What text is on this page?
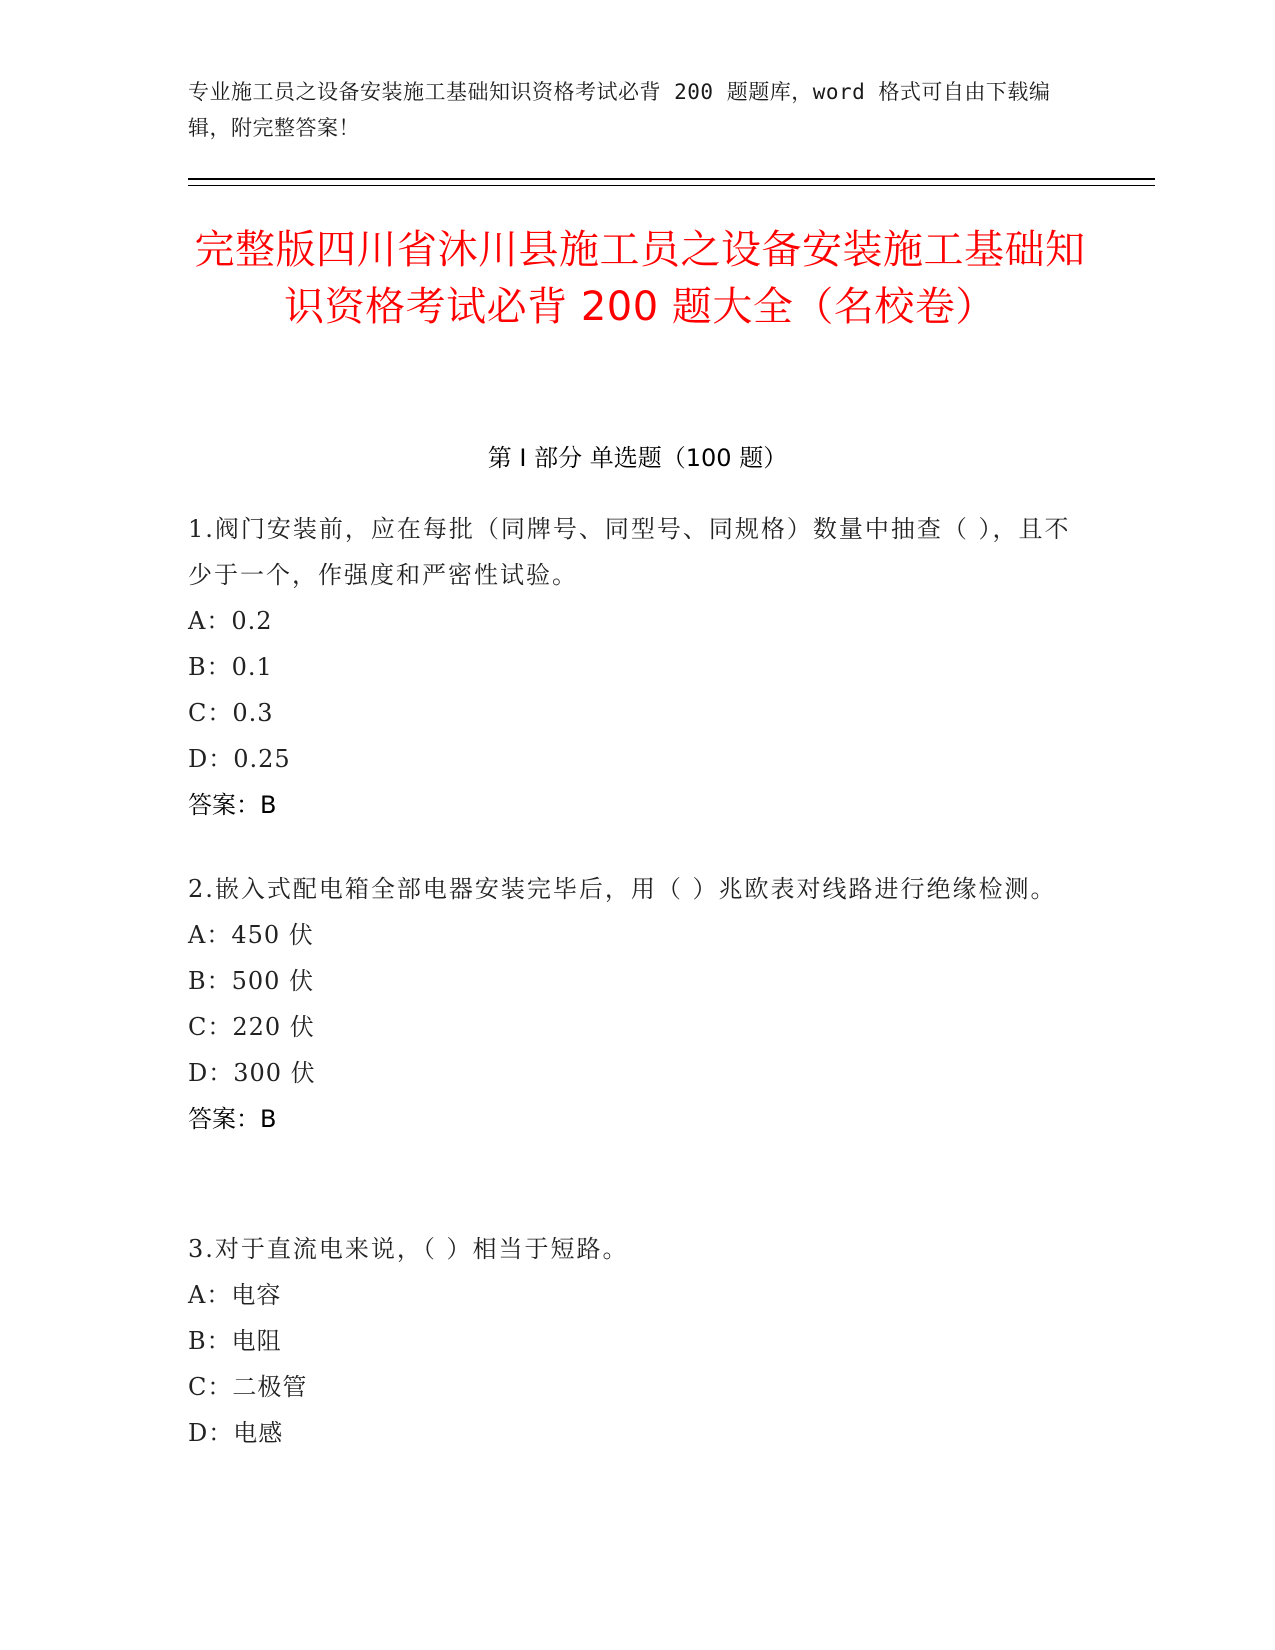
专业施工员之设备安装施工基础知识资格考试必背 200 题题库，word 格式可自由下载编辑，附完整答案！
完整版四川省沐川县施工员之设备安装施工基础知识资格考试必背 200 题大全（名校卷）
第 I 部分 单选题（100 题）
1.阀门安装前，应在每批（同牌号、同型号、同规格）数量中抽查（ ），且不少于一个，作强度和严密性试验。
A：0.2
B：0.1
C：0.3
D：0.25
答案：B
2.嵌入式配电箱全部电器安装完毕后，用（ ）兆欧表对线路进行绝缘检测。
A：450 伏
B：500 伏
C：220 伏
D：300 伏
答案：B
3.对于直流电来说，（ ）相当于短路。
A：电容
B：电阻
C：二极管
D：电感
